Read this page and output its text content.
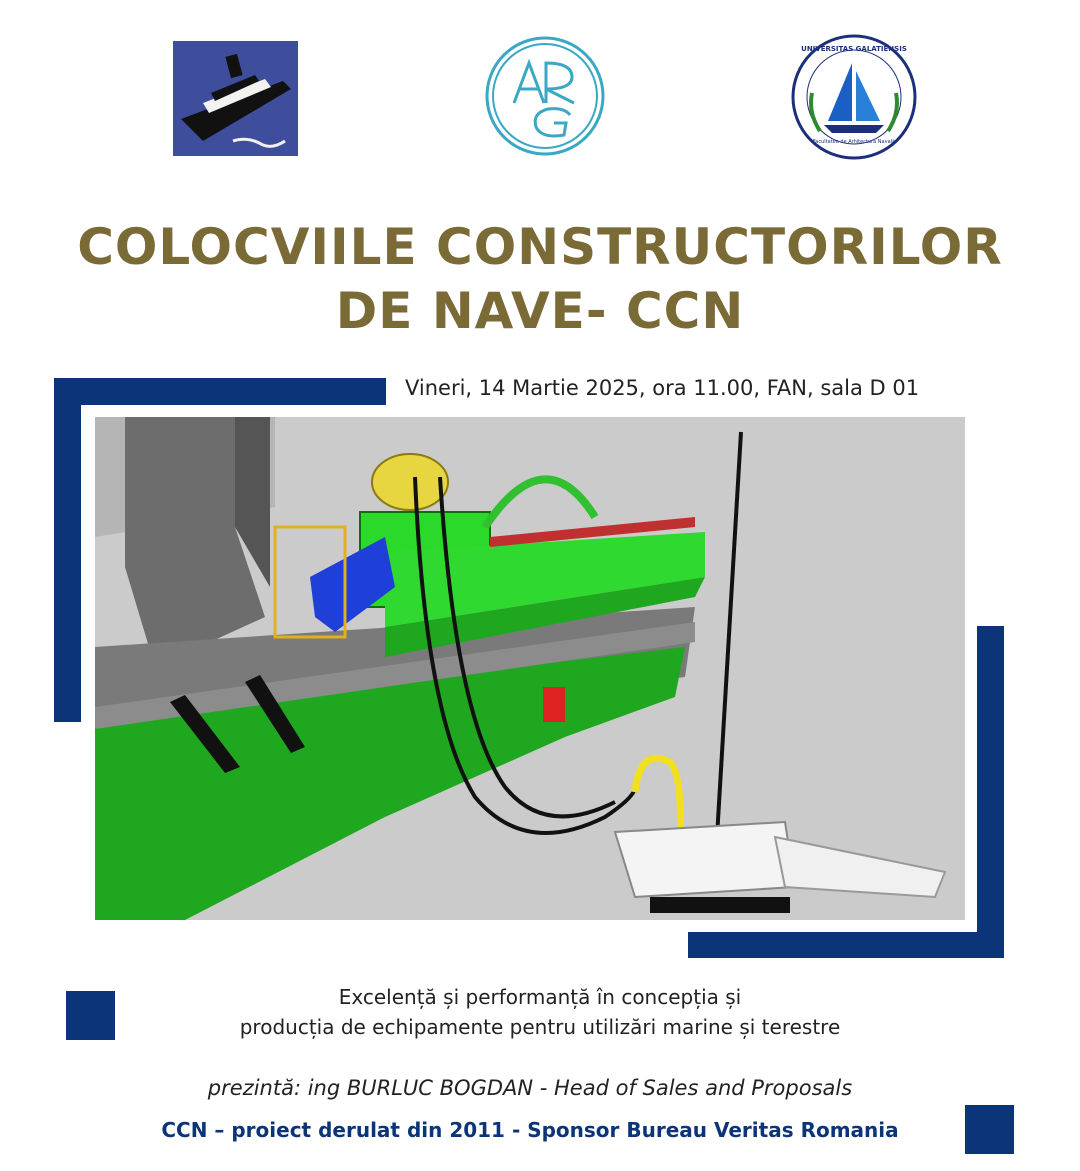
UNIVERSITAS GALATIENSIS
Facultatea de Arhitectură Navală
COLOCVIILE CONSTRUCTORILOR
DE NAVE- CCN
Vineri, 14 Martie 2025, ora 11.00, FAN, sala D 01
Excelență și performanță în concepția și
producția de echipamente pentru utilizări marine și terestre
prezintă: ing BURLUC BOGDAN - Head of Sales and Proposals
CCN – proiect derulat din 2011 - Sponsor Bureau Veritas Romania
